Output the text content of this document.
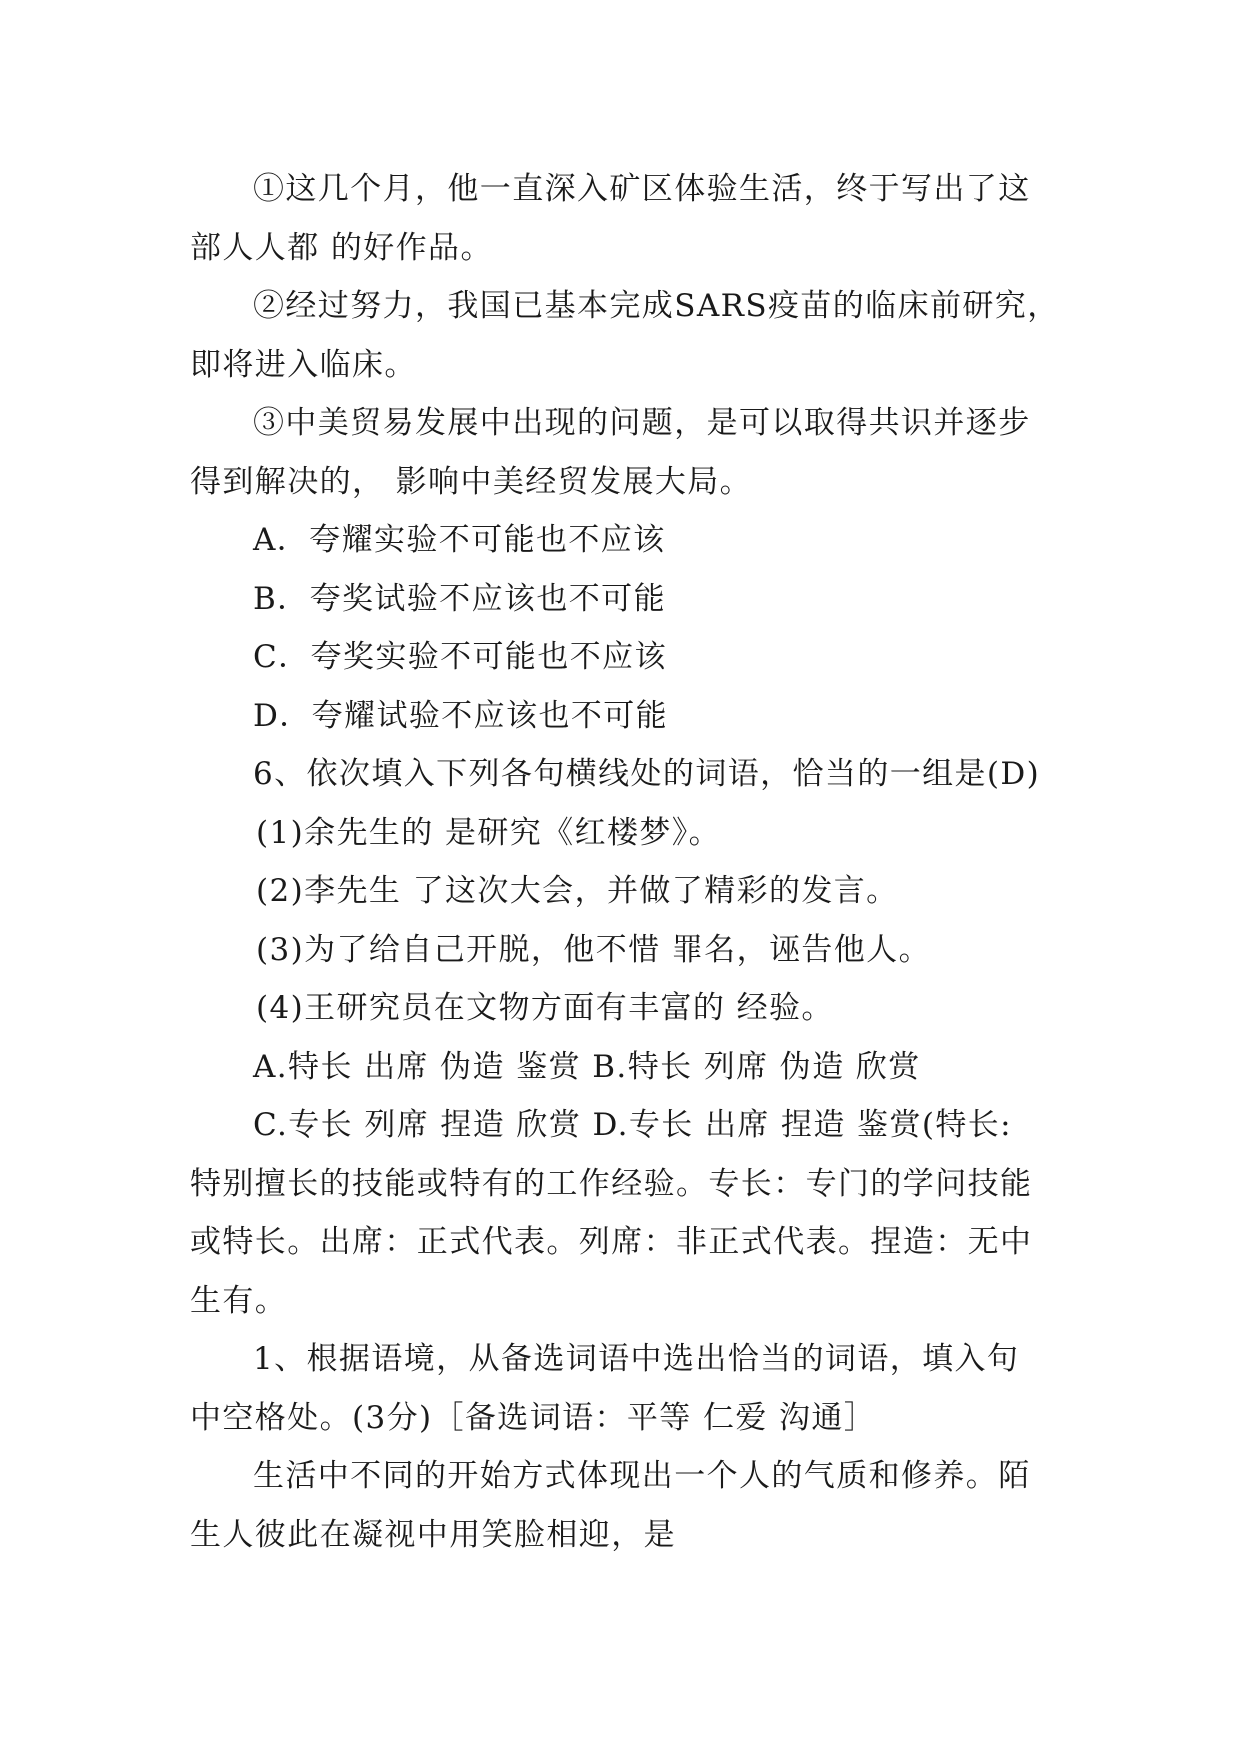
①这几个月，他一直深入矿区体验生活，终于写出了这

部人人都 的好作品。

②经过努力，我国已基本完成SARS疫苗的临床前研究，

即将进入临床。

③中美贸易发展中出现的问题，是可以取得共识并逐步

得到解决的， 影响中美经贸发展大局。

A．夸耀实验不可能也不应该

B．夸奖试验不应该也不可能

C．夸奖实验不可能也不应该

D．夸耀试验不应该也不可能

6、依次填入下列各句横线处的词语，恰当的一组是(D)

(1)余先生的 是研究《红楼梦》。

(2)李先生 了这次大会，并做了精彩的发言。

(3)为了给自己开脱，他不惜 罪名，诬告他人。

(4)王研究员在文物方面有丰富的 经验。

A.特长 出席 伪造 鉴赏 B.特长 列席 伪造 欣赏

C.专长 列席 捏造 欣赏 D.专长 出席 捏造 鉴赏(特长:

特别擅长的技能或特有的工作经验。专长：专门的学问技能

或特长。出席：正式代表。列席：非正式代表。捏造：无中

生有。

1、根据语境，从备选词语中选出恰当的词语，填入句

中空格处。(3分)［备选词语：平等 仁爱 沟通］

生活中不同的开始方式体现出一个人的气质和修养。陌

生人彼此在凝视中用笑脸相迎，是
